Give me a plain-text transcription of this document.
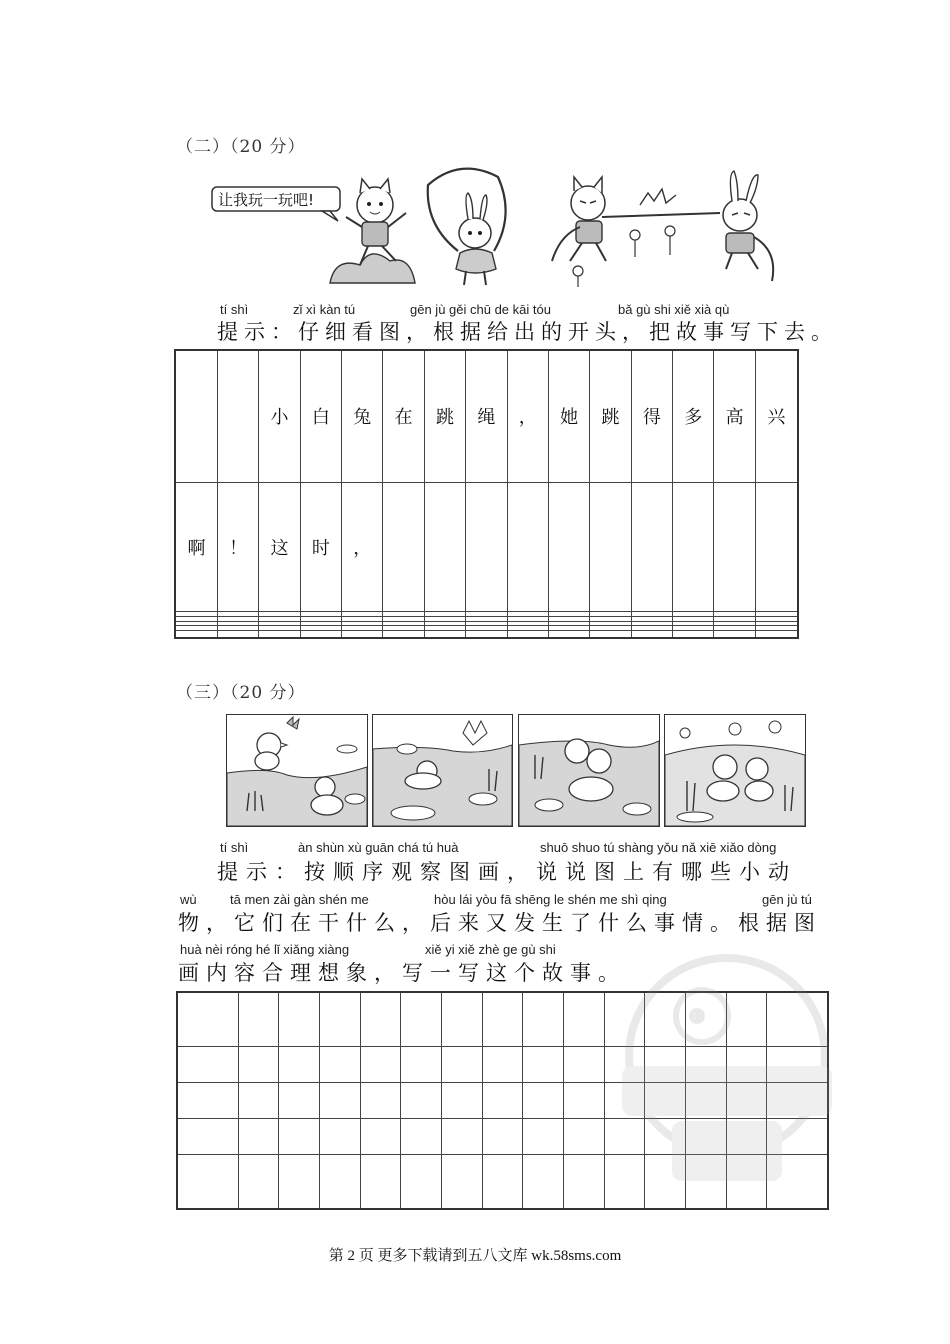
（二）（20 分）
让我玩一玩吧!
tí shì	zǐ xì kàn tú	gēn jù gěi chū de kāi tóu	bǎ gù shi xiě xià qù
提示：仔细看图，根据给出的开头，把故事写下去。
		小	白	兔	在	跳	绳	，	她	跳	得	多	高	兴
啊	！	这	时	，										

（三）（20 分）
tí shì	àn shùn xù guān chá tú huà	shuō shuo tú shàng yǒu nǎ xiē xiǎo dòng
提示：按顺序观察图画，说说图上有哪些小动
wù	tā men zài gàn shén me	hòu lái yòu fā shēng le shén me shì qing	gēn jù tú
物，它们在干什么，后来又发生了什么事情。根据图
huà nèi róng hé lǐ xiǎng xiàng	xiě yi xiě zhè ge gù shi
画内容合理想象，写一写这个故事。

第 2 页 更多下载请到五八文库 wk.58sms.com
